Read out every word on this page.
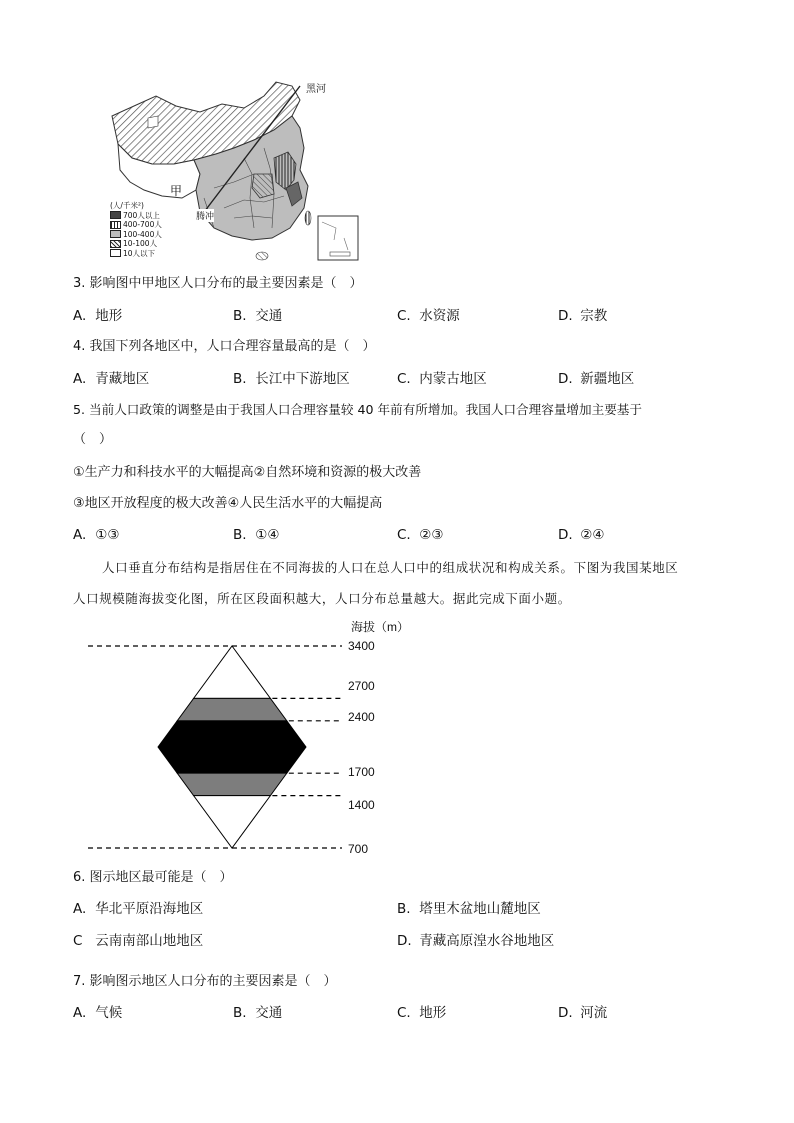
黑河
甲
腾冲
(人/千米²)
700人以上
400-700人
100-400人
10-100人
10人以下
3. 影响图中甲地区人口分布的最主要因素是（　）
A. 地形	B. 交通	C. 水资源	D. 宗教
4. 我国下列各地区中，人口合理容量最高的是（　）
A. 青藏地区	B. 长江中下游地区	C. 内蒙古地区	D. 新疆地区
5. 当前人口政策的调整是由于我国人口合理容量较 40 年前有所增加。我国人口合理容量增加主要基于
（　）
①生产力和科技水平的大幅提高②自然环境和资源的极大改善
③地区开放程度的极大改善④人民生活水平的大幅提高
A. ①③	B. ①④	C. ②③	D. ②④
人口垂直分布结构是指居住在不同海拔的人口在总人口中的组成状况和构成关系。下图为我国某地区
人口规模随海拔变化图，所在区段面积越大，人口分布总量越大。据此完成下面小题。
海拔（m）
3400
2700
2400
1700
1400
700
6. 图示地区最可能是（　）
A. 华北平原沿海地区	B. 塔里木盆地山麓地区
C 云南南部山地地区	D. 青藏高原湟水谷地地区
7. 影响图示地区人口分布的主要因素是（　）
A. 气候	B. 交通	C. 地形	D. 河流
